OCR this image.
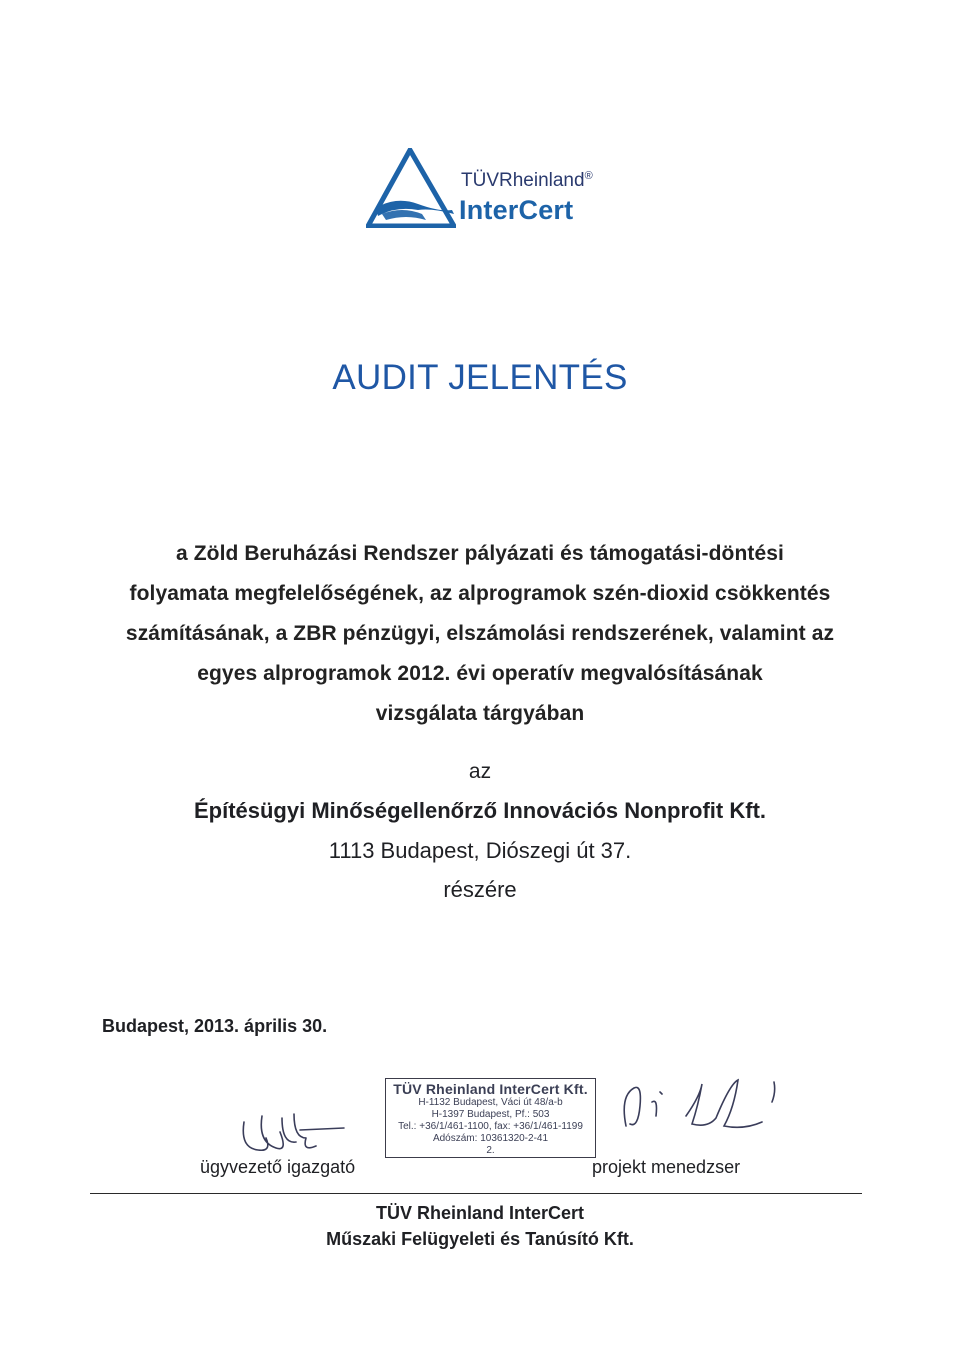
TÜVRheinland®
InterCert
AUDIT JELENTÉS
a Zöld Beruházási Rendszer pályázati és támogatási-döntési
folyamata megfelelőségének, az alprogramok szén-dioxid csökkentés
számításának, a ZBR pénzügyi, elszámolási rendszerének, valamint az
egyes alprogramok 2012. évi operatív megvalósításának
vizsgálata tárgyában
az
Építésügyi Minőségellenőrző Innovációs Nonprofit Kft.
1113 Budapest, Diószegi út 37.
részére
Budapest, 2013. április 30.
TÜV Rheinland InterCert Kft.
H-1132 Budapest, Váci út 48/a-b
H-1397 Budapest, Pf.: 503
Tel.: +36/1/461-1100, fax: +36/1/461-1199
Adószám: 10361320-2-41
2.
ügyvezető igazgató	projekt menedzser
TÜV Rheinland InterCert
Műszaki Felügyeleti és Tanúsító Kft.
